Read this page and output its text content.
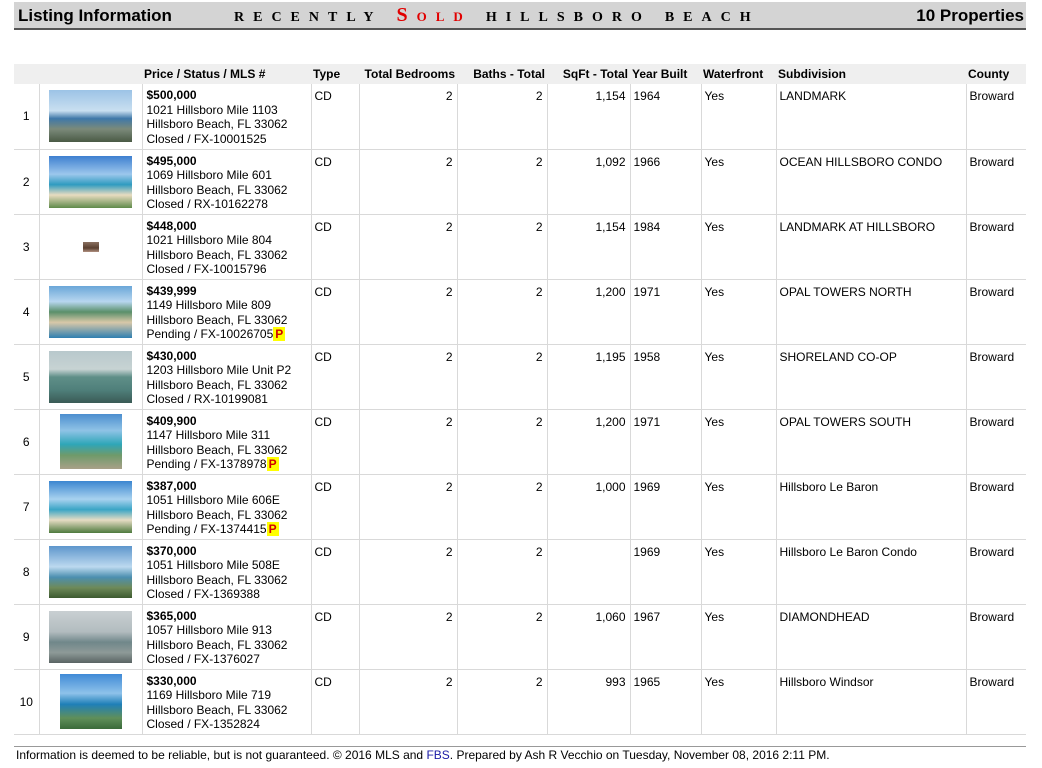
Listing Information	RECENTLY SOLD HILLSBORO BEACH	10 Properties
		Price / Status / MLS #	Type	Total Bedrooms	Baths - Total	SqFt - Total	Year Built	Waterfront	Subdivision	County
1		$500,000
1021 Hillsboro Mile 1103
Hillsboro Beach, FL 33062
Closed / FX-10001525	CD	2	2	1,154	1964	Yes	LANDMARK	Broward
2		$495,000
1069 Hillsboro Mile 601
Hillsboro Beach, FL 33062
Closed / RX-10162278	CD	2	2	1,092	1966	Yes	OCEAN HILLSBORO CONDO	Broward
3		$448,000
1021 Hillsboro Mile 804
Hillsboro Beach, FL 33062
Closed / FX-10015796	CD	2	2	1,154	1984	Yes	LANDMARK AT HILLSBORO	Broward
4		$439,999
1149 Hillsboro Mile 809
Hillsboro Beach, FL 33062
Pending / FX-10026705 P	CD	2	2	1,200	1971	Yes	OPAL TOWERS NORTH	Broward
5		$430,000
1203 Hillsboro Mile Unit P2
Hillsboro Beach, FL 33062
Closed / RX-10199081	CD	2	2	1,195	1958	Yes	SHORELAND CO-OP	Broward
6		$409,900
1147 Hillsboro Mile 311
Hillsboro Beach, FL 33062
Pending / FX-1378978 P	CD	2	2	1,200	1971	Yes	OPAL TOWERS SOUTH	Broward
7		$387,000
1051 Hillsboro Mile 606E
Hillsboro Beach, FL 33062
Pending / FX-1374415 P	CD	2	2	1,000	1969	Yes	Hillsboro Le Baron	Broward
8		$370,000
1051 Hillsboro Mile 508E
Hillsboro Beach, FL 33062
Closed / FX-1369388	CD	2	2		1969	Yes	Hillsboro Le Baron Condo	Broward
9		$365,000
1057 Hillsboro Mile 913
Hillsboro Beach, FL 33062
Closed / FX-1376027	CD	2	2	1,060	1967	Yes	DIAMONDHEAD	Broward
10		$330,000
1169 Hillsboro Mile 719
Hillsboro Beach, FL 33062
Closed / FX-1352824	CD	2	2	993	1965	Yes	Hillsboro Windsor	Broward
Information is deemed to be reliable, but is not guaranteed. © 2016 MLS and FBS. Prepared by Ash R Vecchio on Tuesday, November 08, 2016 2:11 PM.
